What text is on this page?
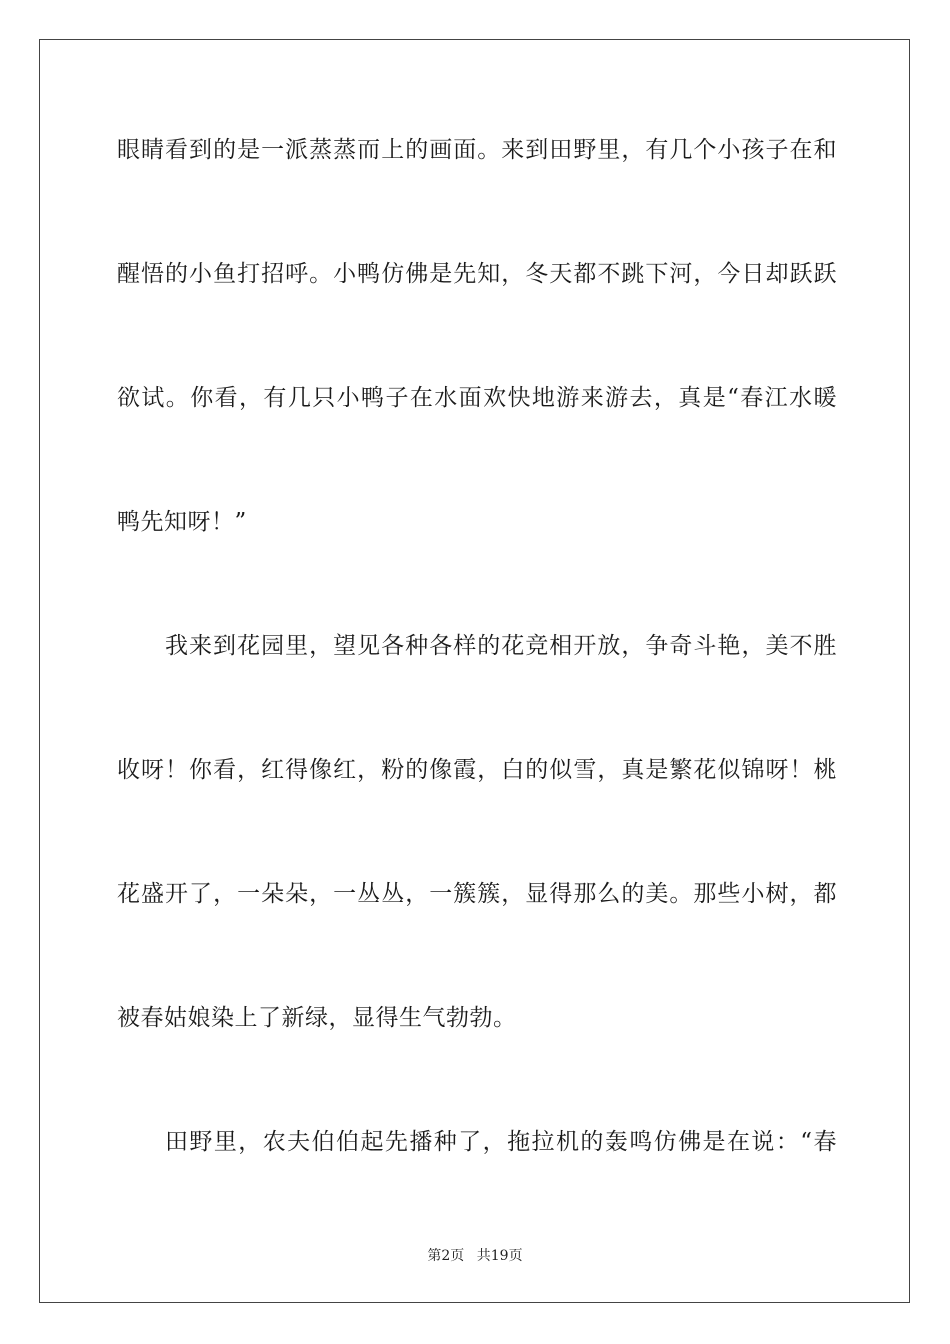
眼睛看到的是一派蒸蒸而上的画面。来到田野里，有几个小孩子在和
醒悟的小鱼打招呼。小鸭仿佛是先知，冬天都不跳下河，今日却跃跃
欲试。你看，有几只小鸭子在水面欢快地游来游去，真是“春江水暖
鸭先知呀！”
我来到花园里，望见各种各样的花竞相开放，争奇斗艳，美不胜
收呀！你看，红得像红，粉的像霞，白的似雪，真是繁花似锦呀！桃
花盛开了，一朵朵，一丛丛，一簇簇，显得那么的美。那些小树，都
被春姑娘染上了新绿，显得生气勃勃。
田野里，农夫伯伯起先播种了，拖拉机的轰鸣仿佛是在说：“春
第2页 共19页
